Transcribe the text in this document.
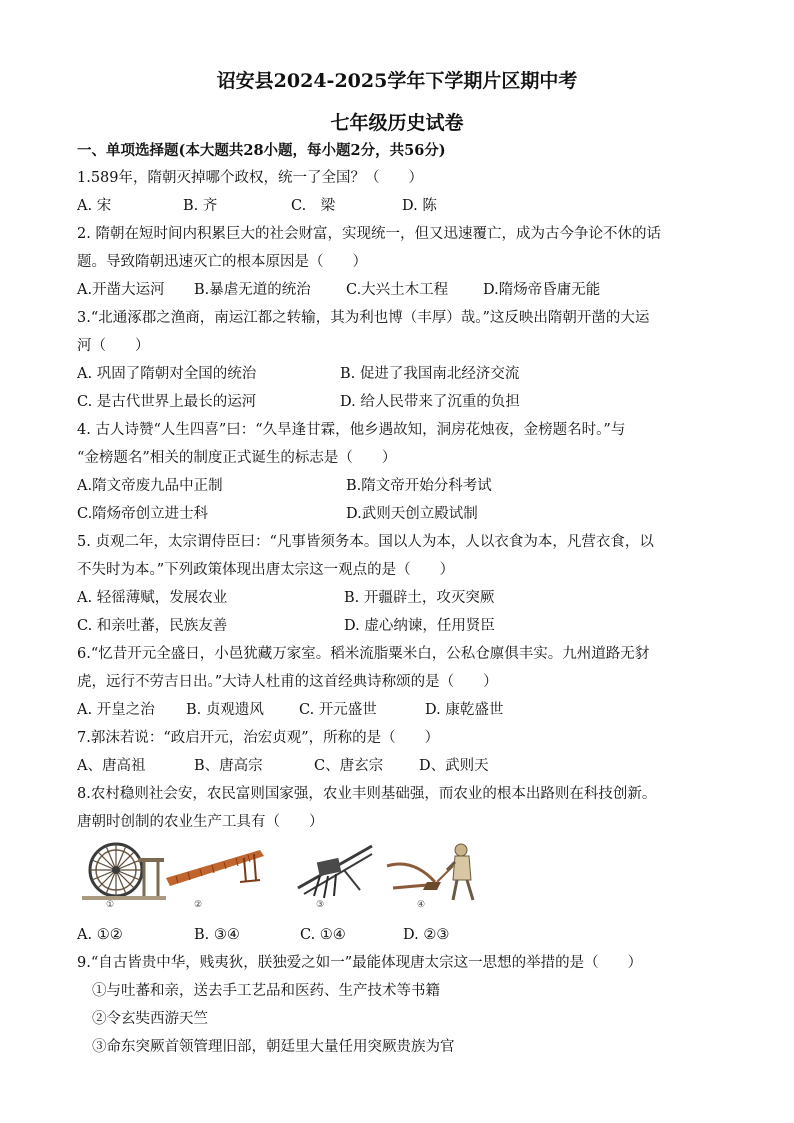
诏安县2024-2025学年下学期片区期中考
七年级历史试卷
一、单项选择题(本大题共28小题，每小题2分，共56分)
1.589年，隋朝灭掉哪个政权，统一了全国？（　　）
A. 宋	B. 齐	C.　梁	D. 陈
2. 隋朝在短时间内积累巨大的社会财富，实现统一，但又迅速覆亡，成为古今争论不休的话
题。导致隋朝迅速灭亡的根本原因是（　　）
A.开凿大运河 B.暴虐无道的统治 C.大兴土木工程 D.隋炀帝昏庸无能
3.“北通涿郡之渔商，南运江都之转输，其为利也博（丰厚）哉。”这反映出隋朝开凿的大运
河（　　）
A. 巩固了隋朝对全国的统治	B. 促进了我国南北经济交流
C. 是古代世界上最长的运河	D. 给人民带来了沉重的负担
4. 古人诗赞“人生四喜”曰：“久旱逢甘霖，他乡遇故知，洞房花烛夜，金榜题名时。”与
“金榜题名”相关的制度正式诞生的标志是（　　）
A.隋文帝废九品中正制	B.隋文帝开始分科考试
C.隋炀帝创立进士科	D.武则天创立殿试制
5. 贞观二年，太宗谓侍臣曰：“凡事皆须务本。国以人为本，人以衣食为本，凡营衣食，以
不失时为本。”下列政策体现出唐太宗这一观点的是（　　）
A. 轻徭薄赋，发展农业	B. 开疆辟土，攻灭突厥
C. 和亲吐蕃，民族友善	D. 虚心纳谏，任用贤臣
6.“忆昔开元全盛日，小邑犹藏万家室。稻米流脂粟米白，公私仓廪俱丰实。九州道路无豺
虎，远行不劳吉日出。”大诗人杜甫的这首经典诗称颂的是（　　）
A. 开皇之治 B. 贞观遗风 C. 开元盛世	D. 康乾盛世
7.郭沫若说：“政启开元，治宏贞观”，所称的是（　　）
A、唐高祖	B、唐高宗	C、唐玄宗 D、武则天
8.农村稳则社会安，农民富则国家强，农业丰则基础强，而农业的根本出路则在科技创新。
唐朝时创制的农业生产工具有（　　）
①	②	③	④
A. ①②	B. ③④	C. ①④	D. ②③
9.“自古皆贵中华，贱夷狄，朕独爱之如一”最能体现唐太宗这一思想的举措的是（　　）
①与吐蕃和亲，送去手工艺品和医药、生产技术等书籍
②令玄奘西游天竺
③命东突厥首领管理旧部，朝廷里大量任用突厥贵族为官
